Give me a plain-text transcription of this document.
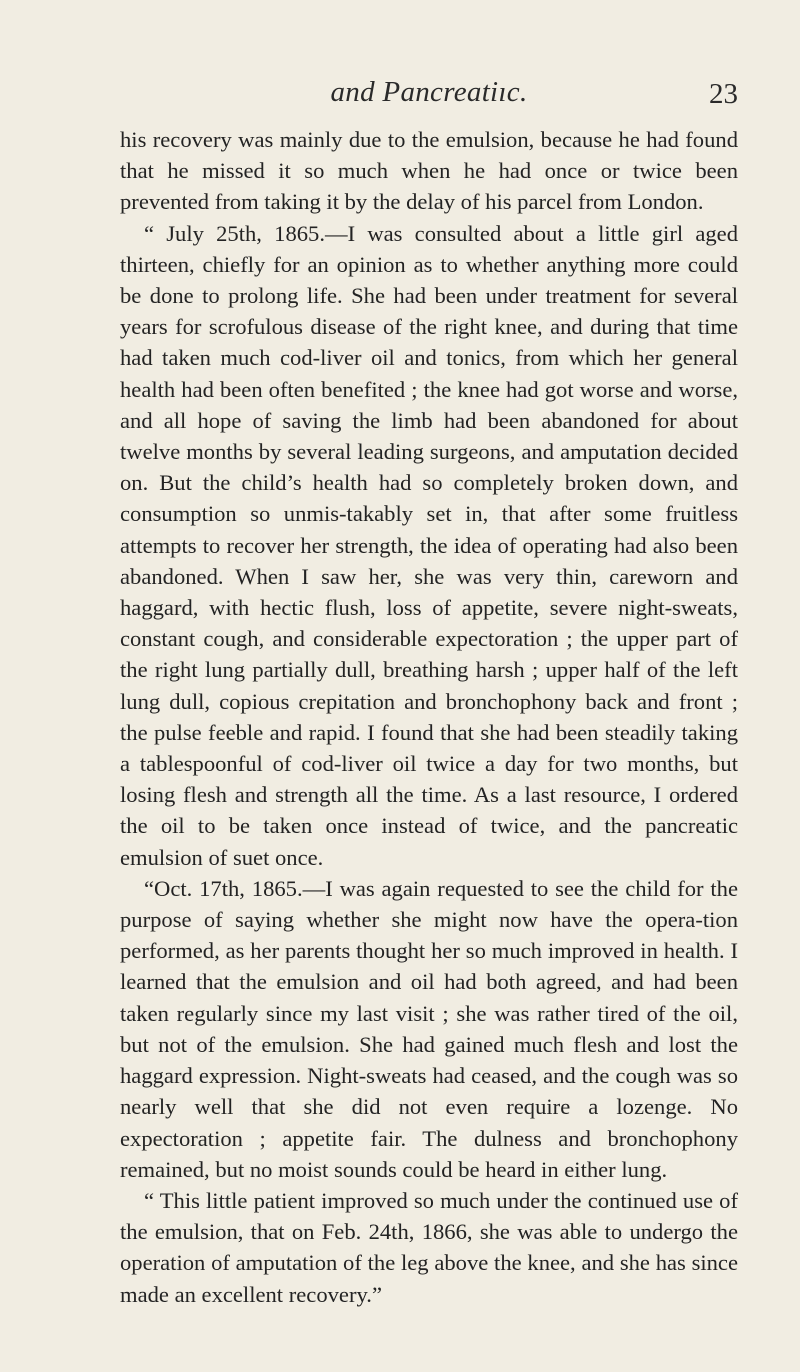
and Pancreatiıc.	23

his recovery was mainly due to the emulsion, because he had found that he missed it so much when he had once or twice been prevented from taking it by the delay of his parcel from London.

“ July 25th, 1865.—I was consulted about a little girl aged thirteen, chiefly for an opinion as to whether anything more could be done to prolong life. She had been under treatment for several years for scrofulous disease of the right knee, and during that time had taken much cod-liver oil and tonics, from which her general health had been often benefited ; the knee had got worse and worse, and all hope of saving the limb had been abandoned for about twelve months by several leading surgeons, and amputation decided on. But the child’s health had so completely broken down, and consumption so unmis-takably set in, that after some fruitless attempts to recover her strength, the idea of operating had also been abandoned. When I saw her, she was very thin, careworn and haggard, with hectic flush, loss of appetite, severe night-sweats, constant cough, and considerable expectoration ; the upper part of the right lung partially dull, breathing harsh ; upper half of the left lung dull, copious crepitation and bronchophony back and front ; the pulse feeble and rapid. I found that she had been steadily taking a tablespoonful of cod-liver oil twice a day for two months, but losing flesh and strength all the time. As a last resource, I ordered the oil to be taken once instead of twice, and the pancreatic emulsion of suet once.

“Oct. 17th, 1865.—I was again requested to see the child for the purpose of saying whether she might now have the opera-tion performed, as her parents thought her so much improved in health. I learned that the emulsion and oil had both agreed, and had been taken regularly since my last visit ; she was rather tired of the oil, but not of the emulsion. She had gained much flesh and lost the haggard expression. Night-sweats had ceased, and the cough was so nearly well that she did not even require a lozenge. No expectoration ; appetite fair. The dulness and bronchophony remained, but no moist sounds could be heard in either lung.

“ This little patient improved so much under the continued use of the emulsion, that on Feb. 24th, 1866, she was able to undergo the operation of amputation of the leg above the knee, and she has since made an excellent recovery.”
